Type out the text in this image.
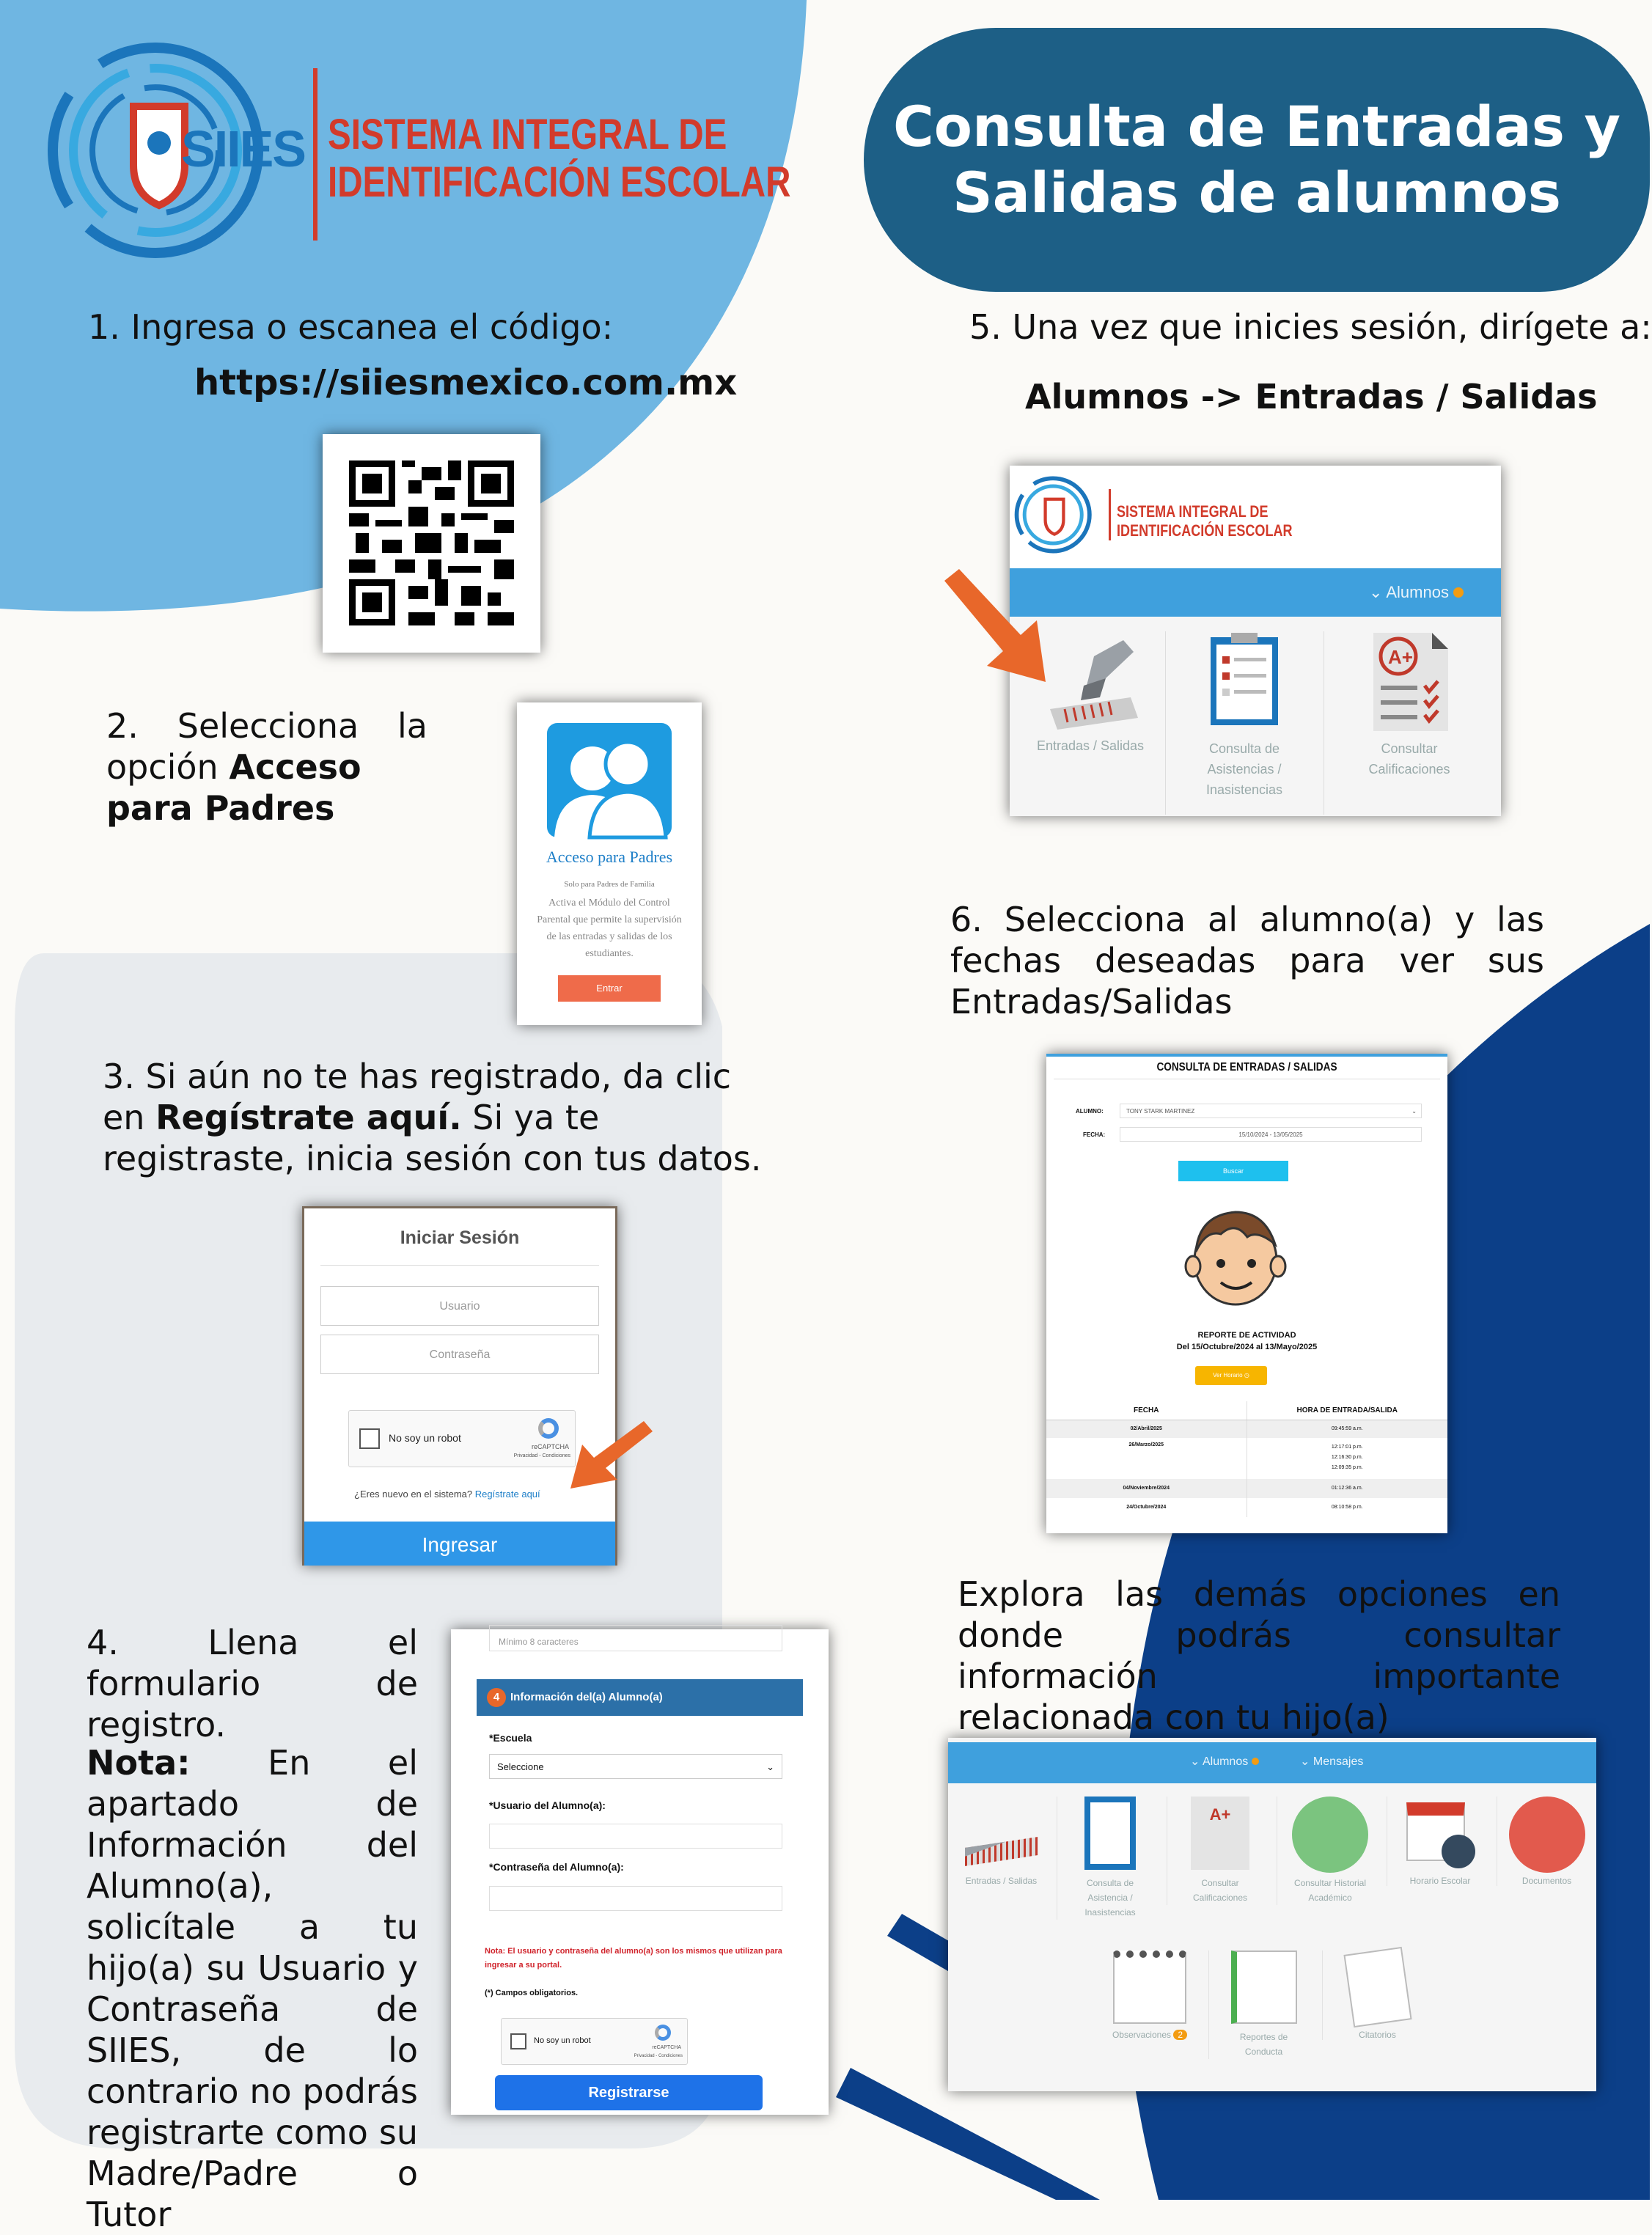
SIIES SISTEMA INTEGRAL DE
IDENTIFICACIÓN ESCOLAR
Consulta de Entradas y
Salidas de alumnos
1. Ingresa o escanea el código:
https://siiesmexico.com.mx
2. Selecciona la
opción Acceso para Padres
Acceso para Padres
Solo para Padres de Familia
Activa el Módulo del Control Parental que permite la supervisión de las entradas y salidas de los estudiantes.
Entrar
3. Si aún no te has registrado, da clic en Regístrate aquí. Si ya te registraste, inicia sesión con tus datos.
Iniciar Sesión
Usuario
Contraseña
No soy un robot
reCAPTCHA
Privacidad - Condiciones
¿Eres nuevo en el sistema? Regístrate aquí
Ingresar
4. Llena el formulario de registro.
Nota: En el apartado de Información del Alumno(a), solicítale a tu hijo(a) su Usuario y Contraseña de SIIES, de lo contrario no podrás registrarte como su Madre/Padre o Tutor
Mínimo 8 caracteres
4 Información del(a) Alumno(a)
*Escuela
Seleccione	⌄
*Usuario del Alumno(a):
*Contraseña del Alumno(a):
Nota: El usuario y contraseña del alumno(a) son los mismos que utilizan para ingresar a su portal.
(*) Campos obligatorios.
No soy un robot
reCAPTCHA
Privacidad - Condiciones
Registrarse
5. Una vez que inicies sesión, dirígete a:
Alumnos -> Entradas / Salidas
SISTEMA INTEGRAL DE
IDENTIFICACIÓN ESCOLAR
⌄ Alumnos
Entradas / Salidas	Consulta de Asistencias / Inasistencias
A+
Consultar Calificaciones
6. Selecciona al alumno(a) y las fechas deseadas para ver sus Entradas/Salidas
CONSULTA DE ENTRADAS / SALIDAS
ALUMNO:	TONY STARK MARTINEZ	⌄
FECHA:	15/10/2024 - 13/05/2025
Buscar
REPORTE DE ACTIVIDAD
Del 15/Octubre/2024 al 13/Mayo/2025
Ver Horario ◷
FECHA	HORA DE ENTRADA/SALIDA
02/Abril/2025	09:45:59 a.m.
26/Marzo/2025	12:17:01 p.m.
12:16:30 p.m.
12:09:35 p.m.
04/Noviembre/2024	01:12:36 a.m.
24/Octubre/2024	08:10:58 p.m.
Explora las demás opciones en donde podrás consultar información importante relacionada con tu hijo(a)
⌄ Alumnos	⌄ Mensajes
Entradas / Salidas	Consulta de Asistencia / Inasistencias
A+
Consultar Calificaciones
Consultar Historial Académico
Horario Escolar	Documentos
Observaciones 2	Reportes de Conducta
Citatorios
